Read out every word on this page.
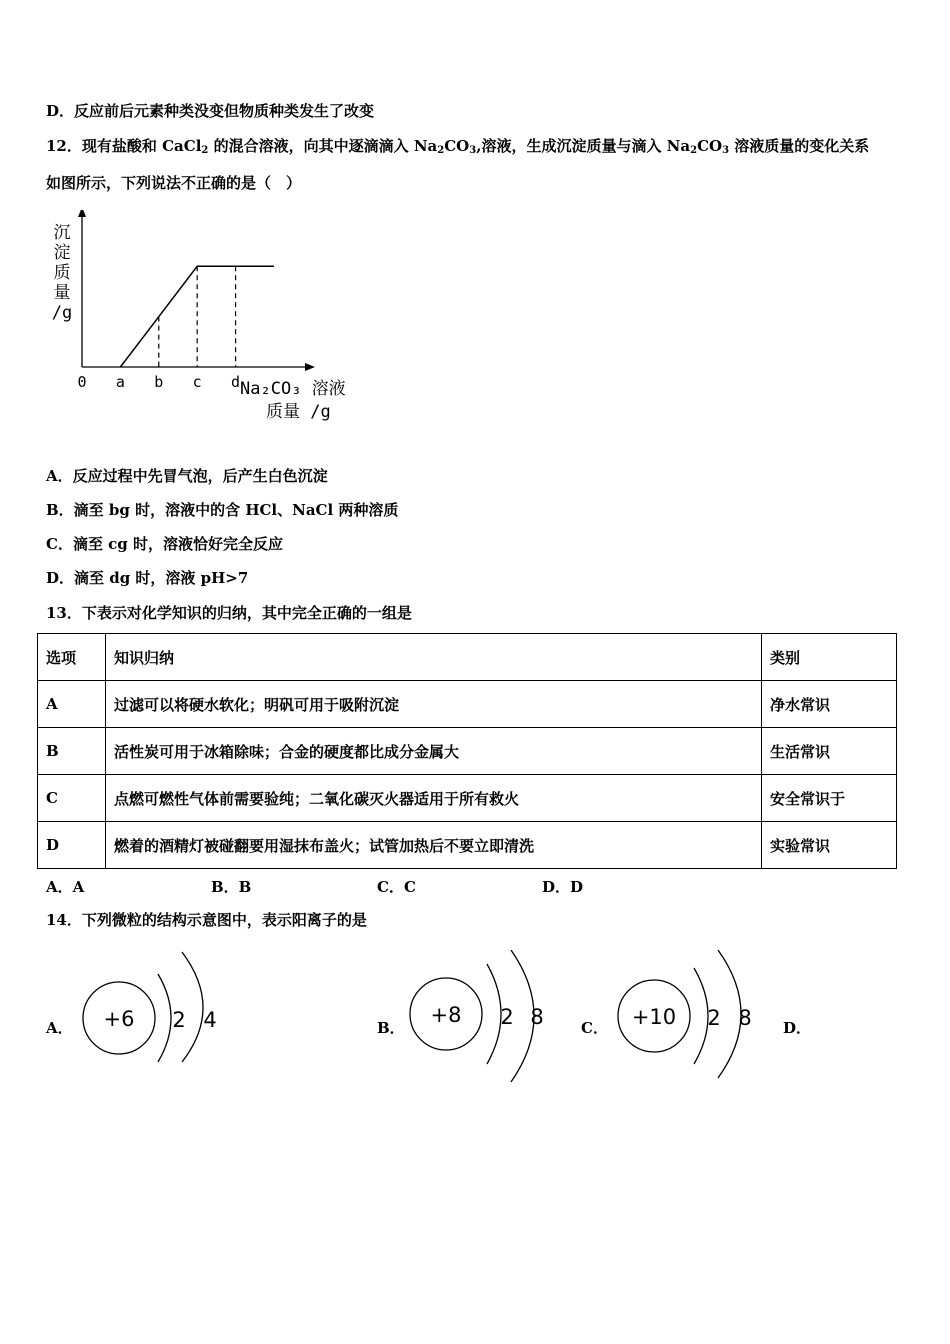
D．反应前后元素种类没变但物质种类发生了改变
12．现有盐酸和 CaCl$_2$ 的混合溶液，向其中逐滴滴入 $Na_2CO_3$,溶液，生成沉淀质量与滴入 $Na_2CO_3$ 溶液质量的变化关系
如图所示，下列说法不正确的是（　）
沉
淀
质
量
/g
0 a b c d Na₂CO₃ 溶液
质量 /g
A．反应过程中先冒气泡，后产生白色沉淀
B．滴至 bg 时，溶液中的含 HCl、NaCl 两种溶质
C．滴至 cg 时，溶液恰好完全反应
D．滴至 dg 时，溶液 pH>7
13．下表示对化学知识的归纳，其中完全正确的一组是
选项	知识归纳	类别
A	过滤可以将硬水软化；明矾可用于吸附沉淀	净水常识
B	活性炭可用于冰箱除味；合金的硬度都比成分金属大	生活常识
C	点燃可燃性气体前需要验纯；二氧化碳灭火器适用于所有救火	安全常识于
D	燃着的酒精灯被碰翻要用湿抹布盖火；试管加热后不要立即清洗	实验常识
A．A	B．B	C．C	D．D
14．下列微粒的结构示意图中，表示阳离子的是
A． +6 2 4	B．
+8 2 8 C． +10 2 8 D．
